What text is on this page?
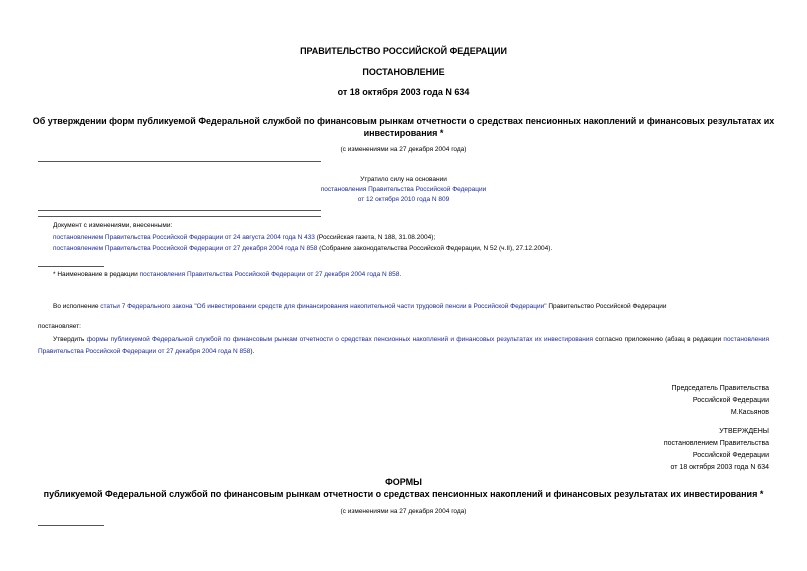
ПРАВИТЕЛЬСТВО РОССИЙСКОЙ ФЕДЕРАЦИИ
ПОСТАНОВЛЕНИЕ
от 18 октября 2003 года N 634
Об утверждении форм публикуемой Федеральной службой по финансовым рынкам отчетности о средствах пенсионных накоплений и финансовых результатах их
инвестирования *
(с изменениями на 27 декабря 2004 года)
Утратило силу на основании
постановления Правительства Российской Федерации
от 12 октября 2010 года N 809
Документ с изменениями, внесенными:
постановлением Правительства Российской Федерации от 24 августа 2004 года N 433 (Российская газета, N 188, 31.08.2004);
постановлением Правительства Российской Федерации от 27 декабря 2004 года N 858 (Собрание законодательства Российской Федерации, N 52 (ч.II), 27.12.2004).
* Наименование в редакции постановления Правительства Российской Федерации от 27 декабря 2004 года N 858.
Во исполнение статьи 7 Федерального закона "Об инвестировании средств для финансирования накопительной части трудовой пенсии в Российской Федерации" Правительство Российской Федерации
постановляет:
Утвердить формы публикуемой Федеральной службой по финансовым рынкам отчетности о средствах пенсионных накоплений и финансовых результатах их инвестирования согласно приложению (абзац в редакции постановления Правительства Российской Федерации от 27 декабря 2004 года N 858).
Председатель Правительства
Российской Федерации
М.Касьянов
УТВЕРЖДЕНЫ
постановлением Правительства
Российской Федерации
от 18 октября 2003 года N 634
ФОРМЫ
публикуемой Федеральной службой по финансовым рынкам отчетности о средствах пенсионных накоплений и финансовых результатах их инвестирования *
(с изменениями на 27 декабря 2004 года)
